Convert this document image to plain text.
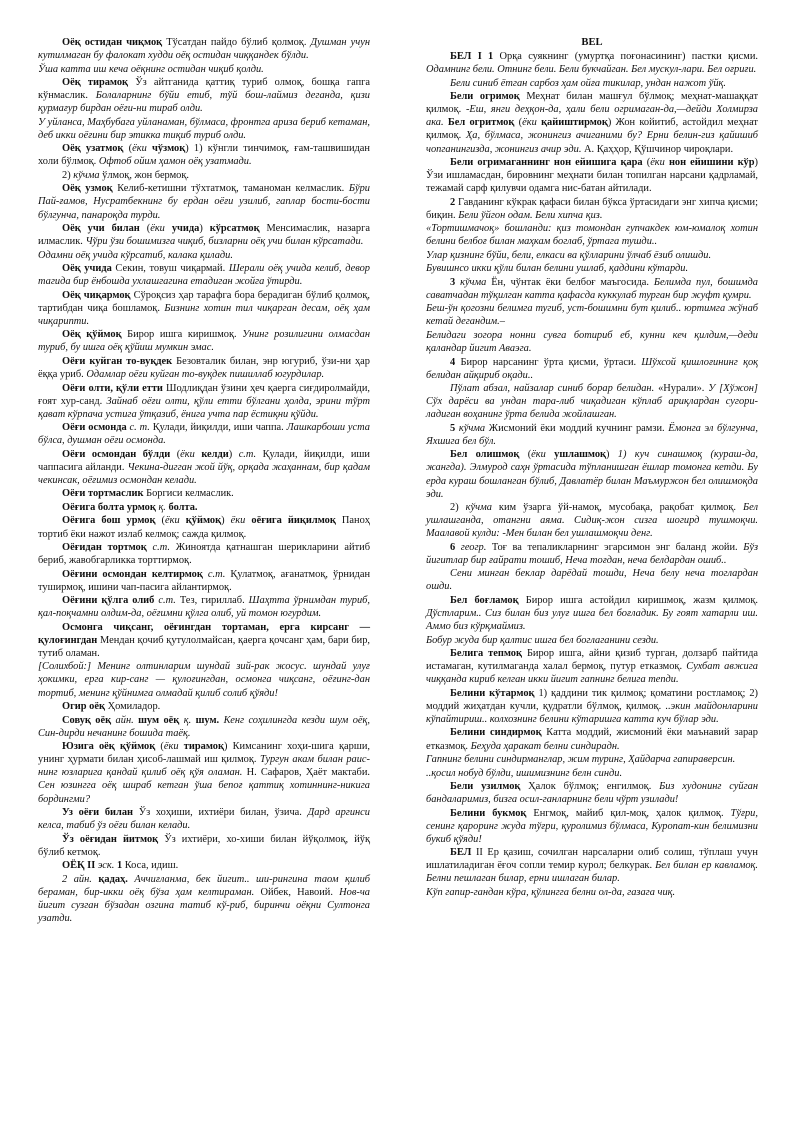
Оёқ остидан чиқмоқ Тўсатдан пайдо бўлиб қолмоқ. Душман учун кутилмаган бу фалокат худди оёқ остидан чиққандек бўлди.

Ўша катта иш кеча оёқнинг остидан чиқиб қолди.

Оёқ тирамоқ Ўз айтганида қаттиқ туриб олмоқ, бошқа гапга кўнмаслик. Болаларнинг бўйи етиб, тўй бош-лаймиз деганда, қизи қурмағур бирдан оёғи-ни тираб олди.

У уйланса, Маҳбубага уйланаман, бўлмаса, фронтга ариза бериб кетаман, деб икки оёғини бир этикка тиқиб туриб олди.

Оёқ узатмоқ (ёки чўзмоқ) 1) кўнгли тинчимоқ, ғам-ташвишидан холи бўлмоқ. Офтоб ойим ҳамон оёқ узатмади.

2) кўчма ўлмоқ, жон бермоқ.

Оёқ узмоқ Келиб-кетишни тўхтатмоқ, таманоман келмаслик. Бўри Пай-ғамов, Нусратбекнинг бу ердан оёғи узилиб, гаплар бости-бости бўлгунча, панароқда турди.

Оёқ учи билан (ёки учида) кўрсатмоқ Менсимаслик, назарга илмаслик. Чўри ўзи бошимизга чиқиб, бизларни оёқ учи билан кўрсатади.

Одамни оёқ учида кўрсатиб, калака қилади.

Оёқ учида Секин, товуш чиқармай. Шерали оёқ учида келиб, девор тагида бир ёнбошда ухлашгагина етадиган жойга ўтирди.

Оёқ чиқармоқ Сўроқсиз ҳар тарафга бора берадиган бўлиб қолмоқ, тартибдан чиқа бошламоқ. Бизнинг хотин тил чиқарган десам, оёқ ҳам чиқарипти.

Оёқ қўймоқ Бирор ишга киришмоқ. Унинг розилигини олмасдан туриб, бу ишга оёқ қўйиш мумкин эмас.

Оёғи куйган то-вуқдек Безовталик билан, энр югуриб, ўзи-ни ҳар ёққа уриб. Одамлар оёғи куйган то-вуқдек пишиллаб югурдилар.

Оёғи олти, қўли етти Шодлиқдан ўзини ҳеч қаерга сиғдиролмайди, ғоят хур-санд. Зайнаб оёғи олти, қўли етти бўлгани ҳолда, эрини тўрт қават кўрпача устига ўтқазиб, ёнига учта пар ёстиқни қўйди.

Оёғи осмонда с. т. Қулади, йиқилди, иши чаппа. Лашкарбоши уста бўлса, душман оёғи осмонда.

Оёғи осмондан бўлди (ёки келди) с.т. Қулади, йиқилди, иши чаппасига айланди. Чекина-дигган жой йўқ, орқада жаҳаннам, бир қадам чекинсак, оёғимиз осмондан келади.

Оёғи тортмаслик Боргиси келмаслик.

Оёғига болта урмоқ қ. болта.

Оёғига бош урмоқ (ёки қўймоқ) ёки оёғига йиқилмоқ Паноҳ тортиб ёки нажот излаб келмоқ; сажда қилмоқ.

Оёғидан тортмоқ с.т. Жиноятда қатнашган шерикларини айтиб бериб, жавобгарликка торттирмоқ.

Оёғини осмондан келтирмоқ с.т. Қулатмоқ, ағанатмоқ, ўрнидан туширмоқ, ишини чап-пасига айлантирмоқ.

Оёғини қўлга олиб с.т. Тез, гириллаб. Шаҳтта ўрнимдан туриб, қал-поқчамни олдим-да, оёғимни қўлга олиб, уй томон югурдим.

Осмонга чиқсанг, оёғингдан тортаман, ерга кирсанг — қулоғингдан Мендан қочиб қутулолмайсан, қаерга қочсанг ҳам, бари бир, тутиб оламан.

[Солихбой:] Менинг олтинларим шундай зий-рак жосус. шундай улуғ ҳокимки, ерга кир-санг — қулоғингдан, осмонга чиқсанг, оёғинг-дан тортиб, менинг қўйнимга олмадай қилиб солиб қўяди!

Огир оёқ Ҳомиладор.

Совуқ оёқ айн. шум оёқ қ. шум. Кенг соҳилингда кезди шум оёқ, Син-дирди нечанинг бошида таёқ.

Юзига оёқ қўймоқ (ёки тирамоқ) Кимсанинг хоҳи-шига қарши, унинг ҳурмати билан ҳисоб-лашмай иш қилмоқ. Тургун акам билан раис-нинг юзларига қандай қилиб оёқ қўя оламан. Н. Сафаров, Ҳаёт мактаби. Сен юзингга оёқ шираб кетган ўша бепоғ қаттиқ хотиннинг-никига бордингми?

Уз оёғи билан Ўз хоҳиши, ихтиёри билан, ўзича. Дард аргинси келса, табиб ўз оёғи билан келади.

Ўз оёғидан йитмоқ Ўз ихтиёри, хо-хиши билан йўқолмоқ, йўқ бўлиб кетмоқ.

ОЁҚ II эск. 1 Коса, идиш.

2 айн. қадаҳ. Аччиғланма, бек йигит.. ши-рингина таом қилиб бераман, бир-икки оёқ бўза ҳам келтираман. Ойбек, Навоий. Нов-ча йигит сузган бўзадан озгина татиб кў-риб, биринчи оёқни Султонга узатди.

BEL

БЕЛ I 1 Орқа суякнинг (умуртқа поғонасининг) пастки қисми. Одамнинг бели. Отнинг бели. Бели букчайган. Бел мускул-лари. Бел оғриғи.

Бели синиб ётган сарбоз ҳам ойға тикилар, ундан нажот ўйқ.

Бели огримоқ Меҳнат билан машғул бўлмоқ; меҳнат-машаққат қилмоқ. -Еш, янги деҳқон-да, ҳали бели огримаган-да,—дейди Холмирза ака. Бел огритмоқ (ёки қайиштирмоқ) Жон койитиб, астойдил меҳнат қилмоқ. Ҳа, бўлмаса, жонингиз ачиганими бу? Ерни белин-гиз қайишиб чопганингизда, жонингиз ачир эди. А. Қаҳҳор, Қўшчинор чироқлари.

Бели огримаганнинг нон ейишига қара (ёки нон ейишини кўр) Ўзи ишламасдан, бировнинг меҳнати билан топилган нарсани қадрламай, тежамай сарф қилувчи одамга нис-батан айтилади.

2 Гавданинг кўкрак қафаси билан бўкса ўртасидаги энг хипча қисми; биқин. Бели ўйгон одам. Бели хипча қиз.

«Тортишмачоқ» бошланди: қиз томондан гупчакдек юм-юмалоқ хотин белини белбоғ билан маҳкам боглаб, ўртага тушди..

Улар қизнинг бўйи, бели, елкаси ва қўлларини ўлчаб ёзиб олишди.

Бувишнсо икки қўли билан белини ушлаб, қаддини кўтарди.

3 кўчма Ён, чўнтак ёки белбоғ маъгосида. Белимда пул, бошимда саватчадан тўқилган катта қафасда куккулаб турган бир жуфт қумри.

Беш-ўн қогозни белимга тугиб, уст-бошимни бут қилиб.. юртимга жўнаб кетай дегандим.–

Белидаги зогора нонни сувга ботириб еб, кунни кеч қилдим,—деди қаландар йигит Аваэга.

4 Бирор нарсанинг ўрта қисми, ўртаси. Шўхсой қишлоғининг қоқ белидан айқириб оқади..

Пўлат абзал, найзалар синиб борар белидан. «Нурали». У [Хўжон] Сўх дарёси ва ундан тара-либ чиқадиган кўплаб ариқлардан сугори-ладиган воҳанинг ўрта белида жойлашган.

5 кўчма Жисмоний ёки моддий кучнинг рамзи. Ёмонга эл бўлгунча, Яхшига бел бўл.

Бел олишмоқ (ёки ушлашмоқ) 1) куч синашмоқ (кураш-да, жангда). Элмурод саҳн ўртасида тўпланишган ёшлар томонга кетди. Бу ерда кураш бошланган бўлиб, Давлатёр билан Маъмуржон бел олишмоқда эди.

2) кўчма ким ўзарга ўй-намоқ, мусобақа, рақобат қилмоқ. Бел ушлашганда, отангни аяма. Сидиқ-жон сизга шогирд тушмоқчи. Маалавой кулди: -Мен билан бел ушлашмоқчи денг.

6 геогр. Тоғ ва тепаликларнинг эгарсимон энг баланд жойи. Бўз йигитлар бир ғайрати тошиб, Неча тоғдан, неча белдардан ошиб..

Сени минган беклар дарёдай тошди, Неча белу неча тоглардан ошди.

Бел боғламоқ Бирор ишга астойдил киришмоқ, жазм қилмоқ. Дўстларим.. Сиз билан биз улуғ ишга бел боғладик. Бу гоят хатарли иш. Аммо биз кўрқмаймиз.

Бобур жуда бир қалтис ишга бел боглаганини сезди.

Белига тепмоқ Бирор ишга, айни қизиб турган, долзарб пайтида истамаган, кутилмаганда халал бермоқ, путур етказмоқ. Сухбат авжига чиққанда кириб келган икки йигит гапнинг белига тепди.

Белини кўтармоқ 1) қаддини тик қилмоқ; қоматини ростламоқ; 2) моддий жиҳатдан кучли, қудратли бўлмоқ, қилмоқ. ..экин майдонларини кўпайтириш.. колхознинг белини кўтаришга катта куч бўлар эди.

Белини синдирмоқ Катта моддий, жисмоний ёки маънавий зарар етказмоқ. Беҳуда ҳаракат белни синдирадн.

Гапнинг белини синдирманглар, жим туринг, Ҳайдарча гапираверсин.

..қосил нобуд бўлди, ишимизнинг белн синди.

Бели узилмоқ Ҳалок бўлмоқ; енгилмоқ. Биз худонинг суйган бандаларимиз, бизга осил-ганларнинг бели чўрт узилади!

Белини букмоқ Енгмоқ, майиб қил-моқ, ҳалок қилмоқ. Тўғри, сенинг қароринг жуда тўғри, қуролимиз бўлмаса, Куропат-кин белимизни букиб қўяди!

БЕЛ II Ер қазиш, сочилган нарсаларни олиб солиш, тўплаш учун ишлатиладиган ёғоч сопли темир курол; белкурак. Бел билан ер кавламоқ. Белни пешлаган билар, ерни ишлаган билар.

Кўп гапир-гандан кўра, қўлингга белни ол-да, газага чиқ.
